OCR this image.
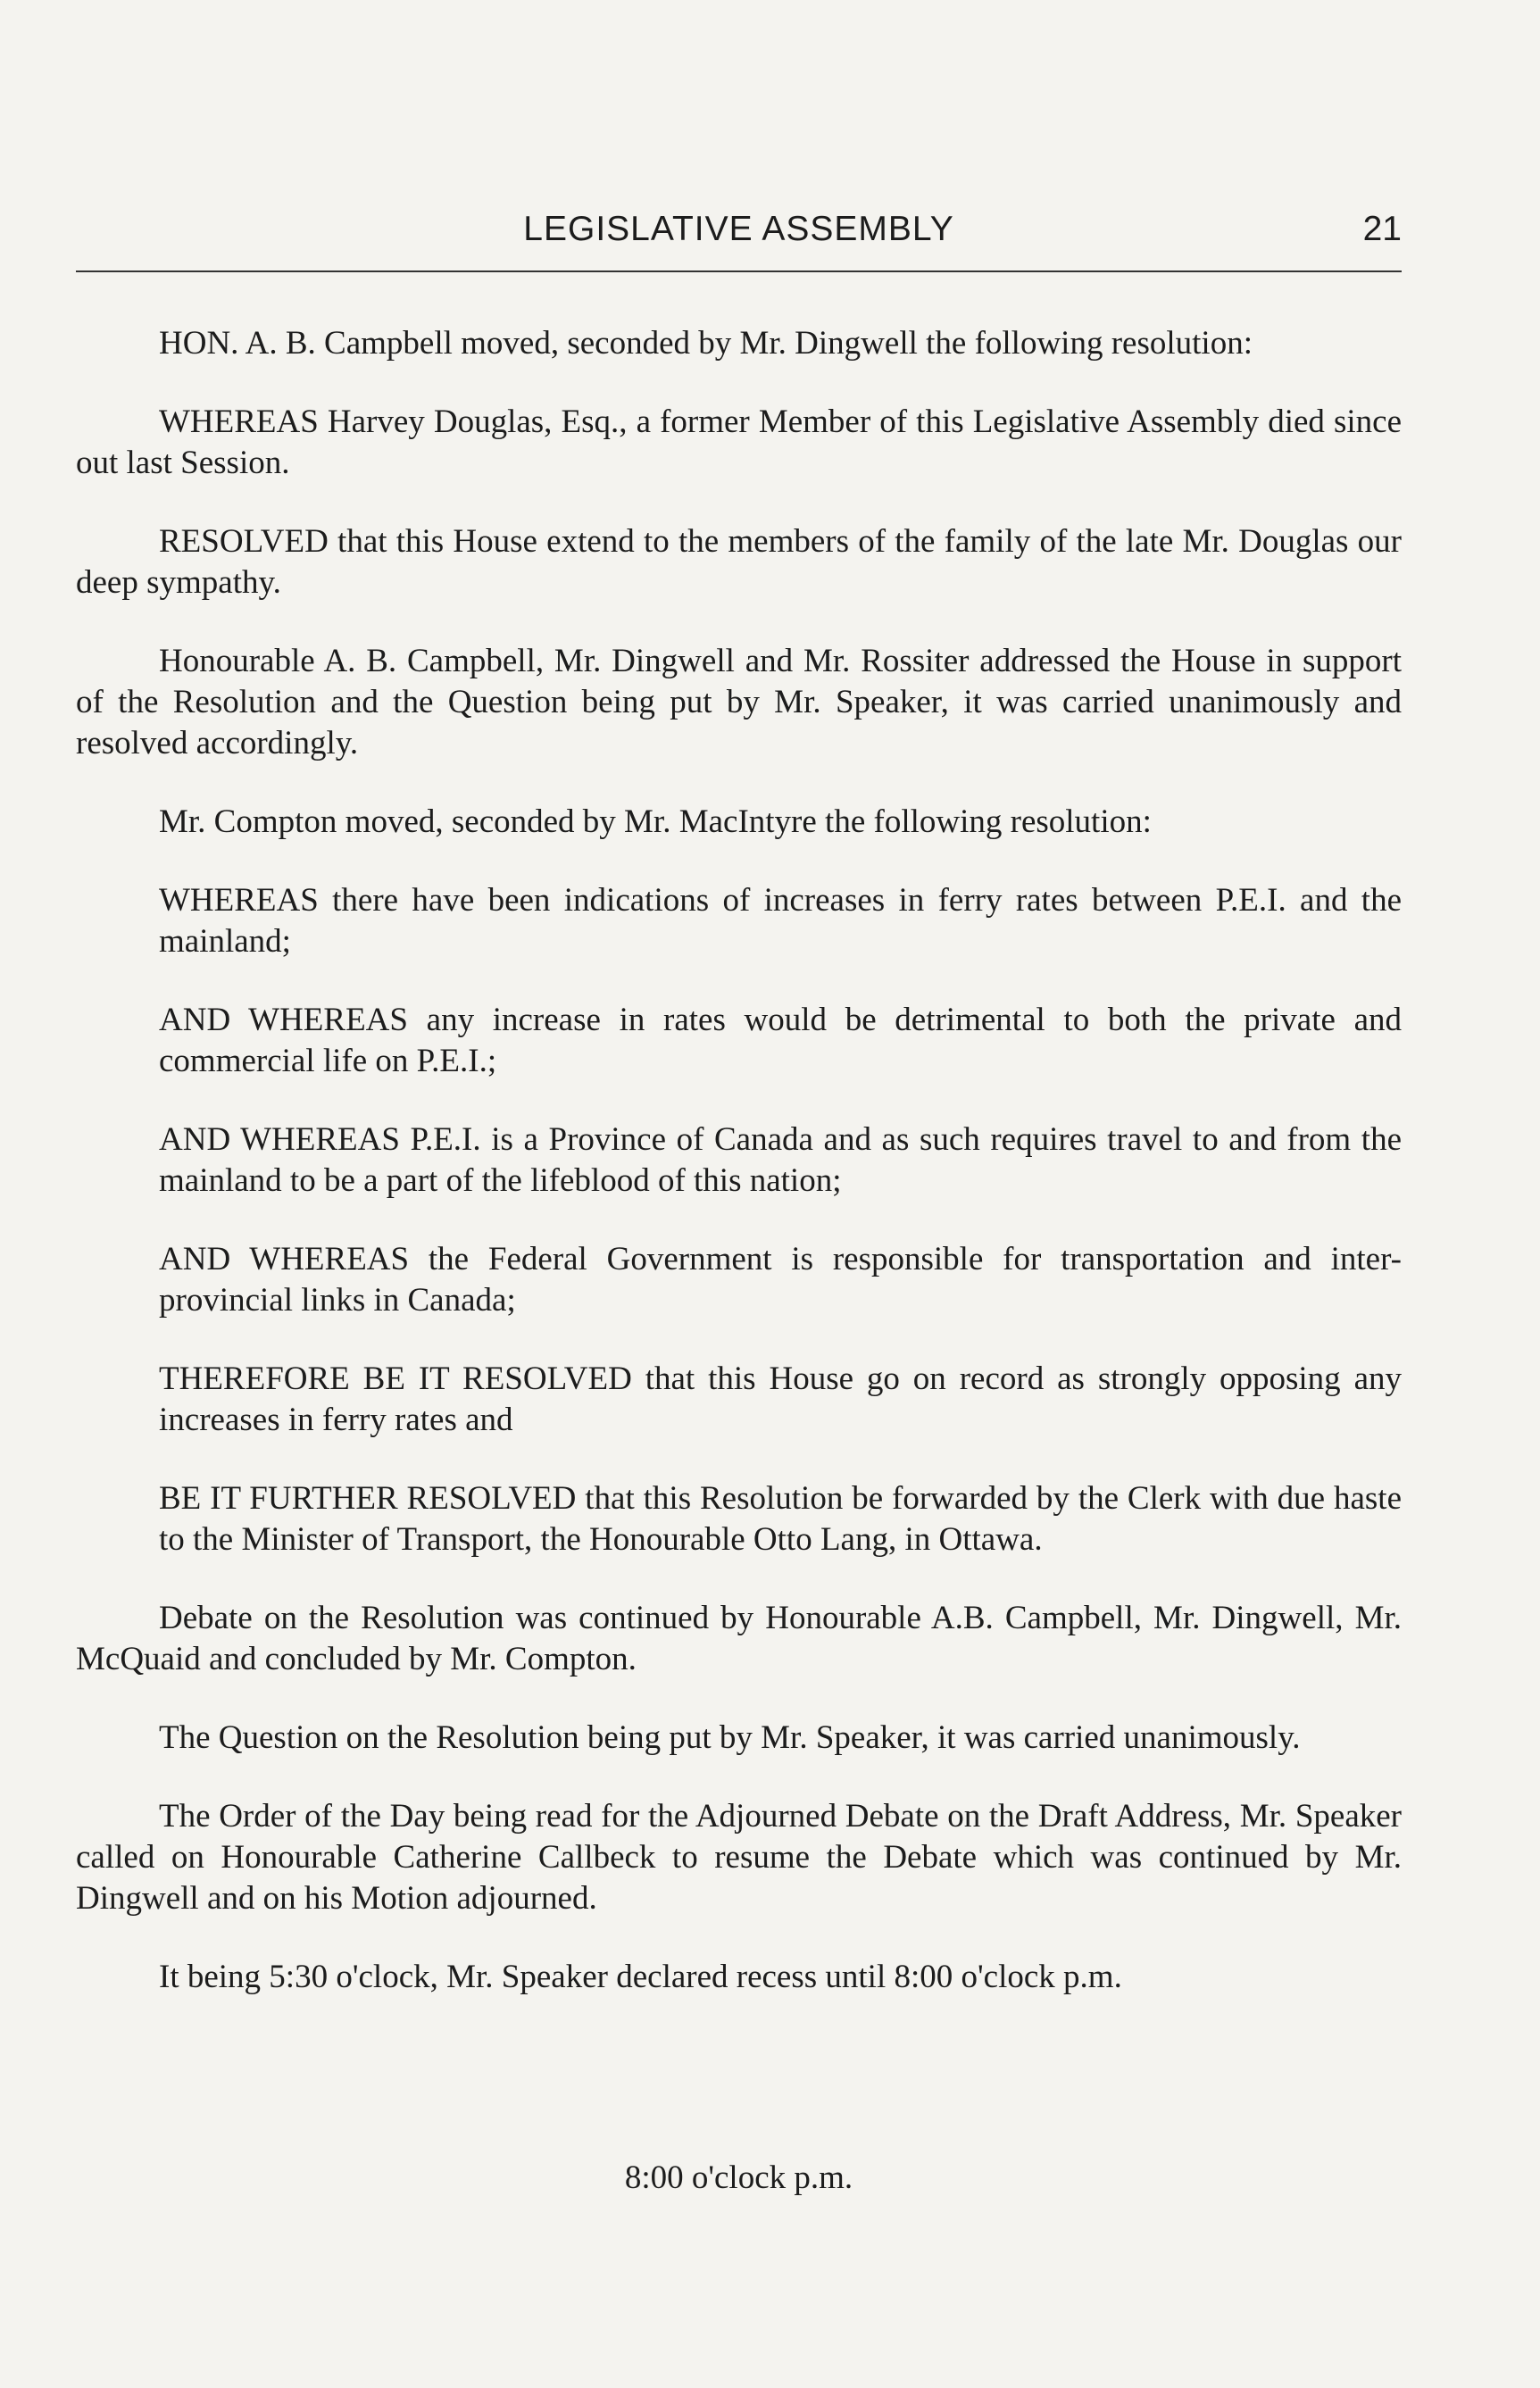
LEGISLATIVE ASSEMBLY	21

HON. A. B. Campbell moved, seconded by Mr. Dingwell the following resolution:

WHEREAS Harvey Douglas, Esq., a former Member of this Legislative Assembly died since out last Session.

RESOLVED that this House extend to the members of the family of the late Mr. Douglas our deep sympathy.

Honourable A. B. Campbell, Mr. Dingwell and Mr. Rossiter addressed the House in support of the Resolution and the Question being put by Mr. Speaker, it was carried unanimously and resolved accordingly.

Mr. Compton moved, seconded by Mr. MacIntyre the following resolution:

WHEREAS there have been indications of increases in ferry rates between P.E.I. and the mainland;

AND WHEREAS any increase in rates would be detrimental to both the private and commercial life on P.E.I.;

AND WHEREAS P.E.I. is a Province of Canada and as such requires travel to and from the mainland to be a part of the lifeblood of this nation;

AND WHEREAS the Federal Government is responsible for transportation and inter-provincial links in Canada;

THEREFORE BE IT RESOLVED that this House go on record as strongly opposing any increases in ferry rates and

BE IT FURTHER RESOLVED that this Resolution be forwarded by the Clerk with due haste to the Minister of Transport, the Honourable Otto Lang, in Ottawa.

Debate on the Resolution was continued by Honourable A.B. Campbell, Mr. Dingwell, Mr. McQuaid and concluded by Mr. Compton.

The Question on the Resolution being put by Mr. Speaker, it was carried unanimously.

The Order of the Day being read for the Adjourned Debate on the Draft Address, Mr. Speaker called on Honourable Catherine Callbeck to resume the Debate which was continued by Mr. Dingwell and on his Motion adjourned.

It being 5:30 o'clock, Mr. Speaker declared recess until 8:00 o'clock p.m.

8:00 o'clock p.m.
